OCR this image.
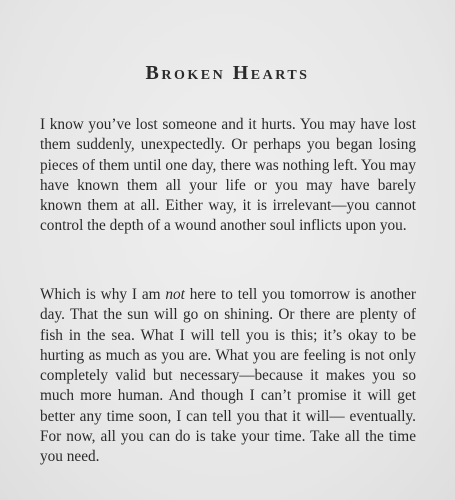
Broken Hearts

I know you’ve lost someone and it hurts. You may have lost them suddenly, unexpectedly. Or perhaps you began losing pieces of them until one day, there was nothing left. You may have known them all your life or you may have barely known them at all. Either way, it is irrelevant—you cannot control the depth of a wound another soul inflicts upon you.

Which is why I am not here to tell you tomorrow is another day. That the sun will go on shining. Or there are plenty of fish in the sea. What I will tell you is this; it’s okay to be hurting as much as you are. What you are feeling is not only completely valid but necessary—because it makes you so much more human. And though I can’t promise it will get better any time soon, I can tell you that it will— eventually. For now, all you can do is take your time. Take all the time you need.
